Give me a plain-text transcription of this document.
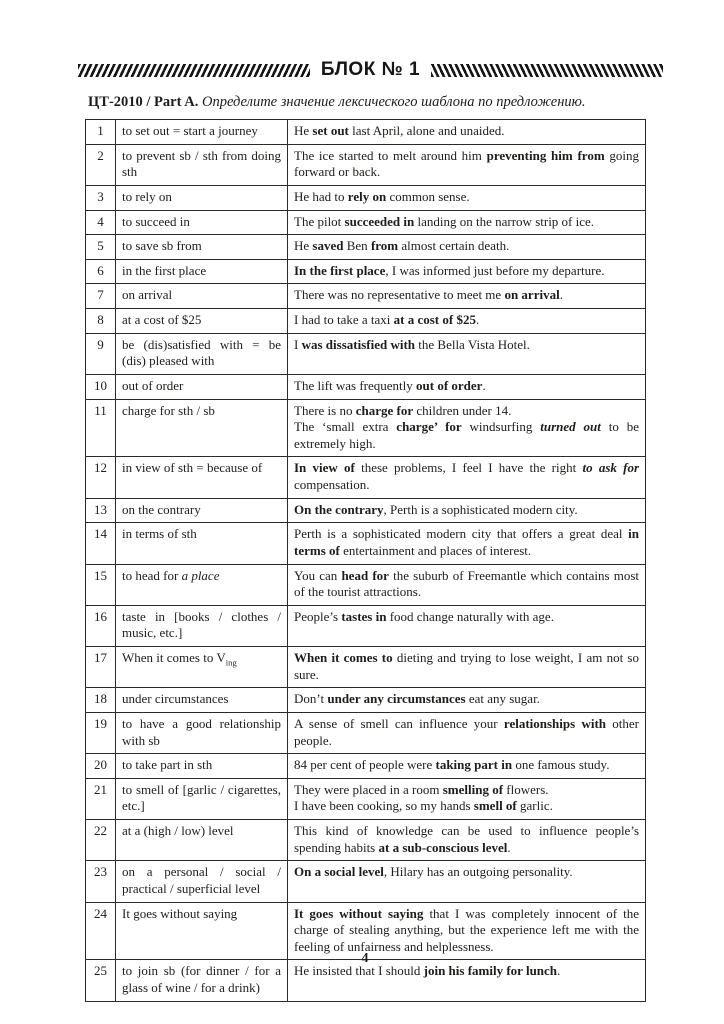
БЛОК № 1
ЦТ-2010 / Part A. Определите значение лексического шаблона по предложению.
1	to set out = start a journey	He set out last April, alone and unaided.
2	to prevent sb / sth from doing sth	The ice started to melt around him preventing him from going forward or back.
3	to rely on	He had to rely on common sense.
4	to succeed in	The pilot succeeded in landing on the narrow strip of ice.
5	to save sb from	He saved Ben from almost certain death.
6	in the first place	In the first place, I was informed just before my departure.
7	on arrival	There was no representative to meet me on arrival.
8	at a cost of $25	I had to take a taxi at a cost of $25.
9	be (dis)satisfied with = be (dis) pleased with	I was dissatisfied with the Bella Vista Hotel.
10	out of order	The lift was frequently out of order.
11	charge for sth / sb	There is no charge for children under 14.
The ‘small extra charge’ for windsurfing turned out to be extremely high.
12	in view of sth = because of	In view of these problems, I feel I have the right to ask for compensation.
13	on the contrary	On the contrary, Perth is a sophisticated modern city.
14	in terms of sth	Perth is a sophisticated modern city that offers a great deal in terms of entertainment and places of interest.
15	to head for a place	You can head for the suburb of Freemantle which contains most of the tourist attractions.
16	taste in [books / clothes / music, etc.]	People’s tastes in food change naturally with age.
17	When it comes to $V_{ing}$	When it comes to dieting and trying to lose weight, I am not so sure.
18	under circumstances	Don’t under any circumstances eat any sugar.
19	to have a good relationship with sb	A sense of smell can influence your relationships with other people.
20	to take part in sth	84 per cent of people were taking part in one famous study.
21	to smell of [garlic / cigarettes, etc.]	They were placed in a room smelling of flowers.
I have been cooking, so my hands smell of garlic.
22	at a (high / low) level	This kind of knowledge can be used to influence people’s spending habits at a sub-conscious level.
23	on a personal / social / practical / superficial level	On a social level, Hilary has an outgoing personality.
24	It goes without saying	It goes without saying that I was completely innocent of the charge of stealing anything, but the experience left me with the feeling of unfairness and helplessness.
25	to join sb (for dinner / for a glass of wine / for a drink)	He insisted that I should join his family for lunch.
4
